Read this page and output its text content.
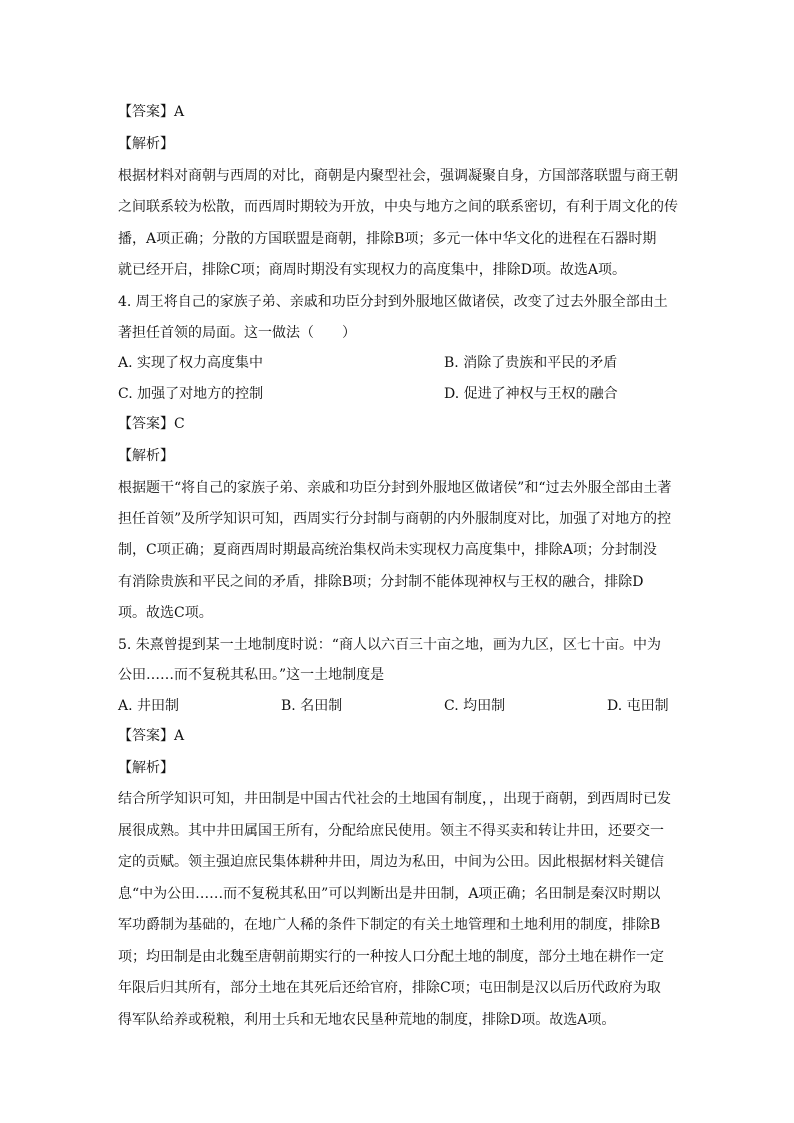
【答案】A
【解析】
根据材料对商朝与西周的对比，商朝是内聚型社会，强调凝聚自身，方国部落联盟与商王朝
之间联系较为松散，而西周时期较为开放，中央与地方之间的联系密切，有利于周文化的传
播，A项正确；分散的方国联盟是商朝，排除B项；多元一体中华文化的进程在石器时期
就已经开启，排除C项；商周时期没有实现权力的高度集中，排除D项。故选A项。
4. 周王将自己的家族子弟、亲戚和功臣分封到外服地区做诸侯，改变了过去外服全部由土
著担任首领的局面。这一做法（　　）
A. 实现了权力高度集中	B. 消除了贵族和平民的矛盾
C. 加强了对地方的控制	D. 促进了神权与王权的融合
【答案】C
【解析】
根据题干“将自己的家族子弟、亲戚和功臣分封到外服地区做诸侯”和“过去外服全部由土著
担任首领”及所学知识可知，西周实行分封制与商朝的内外服制度对比，加强了对地方的控
制，C项正确；夏商西周时期最高统治集权尚未实现权力高度集中，排除A项；分封制没
有消除贵族和平民之间的矛盾，排除B项；分封制不能体现神权与王权的融合，排除D
项。故选C项。
5. 朱熹曾提到某一土地制度时说：“商人以六百三十亩之地，画为九区，区七十亩。中为
公田……而不复税其私田。”这一土地制度是
A. 井田制	B. 名田制	C. 均田制	D. 屯田制
【答案】A
【解析】
结合所学知识可知，井田制是中国古代社会的土地国有制度，，出现于商朝，到西周时已发
展很成熟。其中井田属国王所有，分配给庶民使用。领主不得买卖和转让井田，还要交一
定的贡赋。领主强迫庶民集体耕种井田，周边为私田，中间为公田。因此根据材料关键信
息“中为公田……而不复税其私田”可以判断出是井田制，A项正确；名田制是秦汉时期以
军功爵制为基础的，在地广人稀的条件下制定的有关土地管理和土地利用的制度，排除B
项；均田制是由北魏至唐朝前期实行的一种按人口分配土地的制度，部分土地在耕作一定
年限后归其所有，部分土地在其死后还给官府，排除C项；屯田制是汉以后历代政府为取
得军队给养或税粮，利用士兵和无地农民垦种荒地的制度，排除D项。故选A项。
